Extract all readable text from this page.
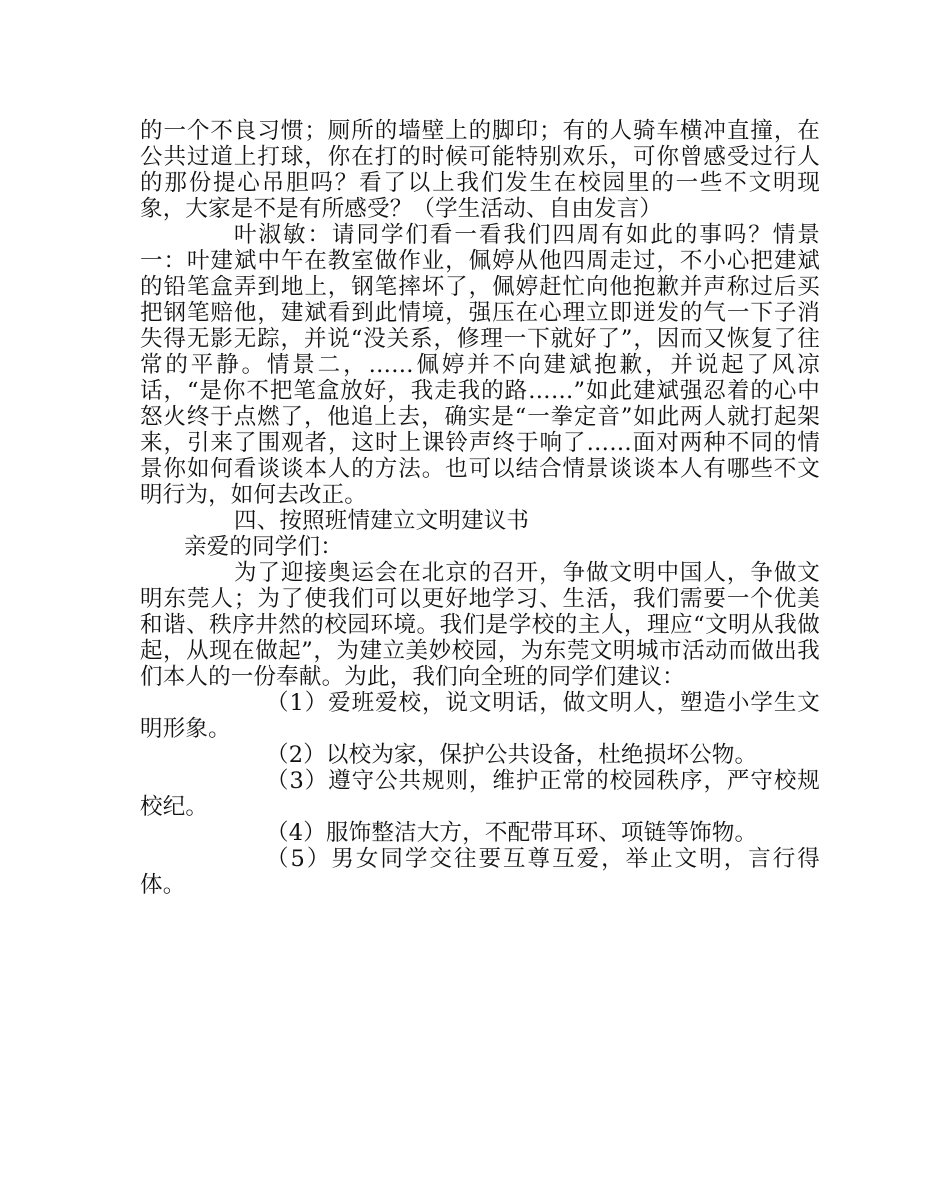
的一个不良习惯；厕所的墙壁上的脚印；有的人骑车横冲直撞，在公共过道上打球，你在打的时候可能特别欢乐，可你曾感受过行人的那份提心吊胆吗？看了以上我们发生在校园里的一些不文明现象，大家是不是有所感受？（学生活动、自由发言）

叶淑敏：请同学们看一看我们四周有如此的事吗？情景一：叶建斌中午在教室做作业，佩婷从他四周走过，不小心把建斌的铅笔盒弄到地上，钢笔摔坏了，佩婷赶忙向他抱歉并声称过后买把钢笔赔他，建斌看到此情境，强压在心理立即迸发的气一下子消失得无影无踪，并说“没关系，修理一下就好了”，因而又恢复了往常的平静。情景二，……佩婷并不向建斌抱歉，并说起了风凉话，“是你不把笔盒放好，我走我的路……”如此建斌强忍着的心中怒火终于点燃了，他追上去，确实是“一拳定音”如此两人就打起架来，引来了围观者，这时上课铃声终于响了……面对两种不同的情景你如何看谈谈本人的方法。也可以结合情景谈谈本人有哪些不文明行为，如何去改正。

四、按照班情建立文明建议书

亲爱的同学们：

为了迎接奥运会在北京的召开，争做文明中国人，争做文明东莞人；为了使我们可以更好地学习、生活，我们需要一个优美和谐、秩序井然的校园环境。我们是学校的主人，理应“文明从我做起，从现在做起”，为建立美妙校园，为东莞文明城市活动而做出我们本人的一份奉献。为此，我们向全班的同学们建议：

（1）爱班爱校，说文明话，做文明人，塑造小学生文明形象。

（2）以校为家，保护公共设备，杜绝损坏公物。

（3）遵守公共规则，维护正常的校园秩序，严守校规校纪。

（4）服饰整洁大方，不配带耳环、项链等饰物。

（5）男女同学交往要互尊互爱，举止文明，言行得体。
